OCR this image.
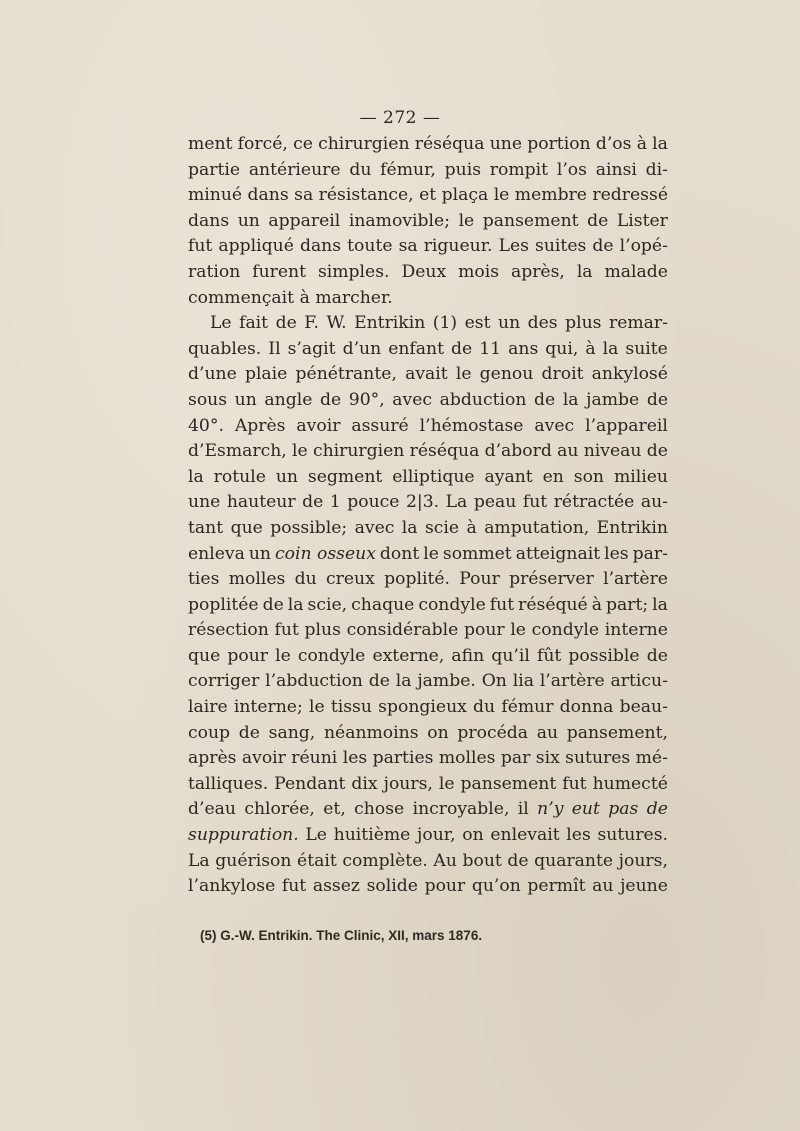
— 272 —
ment forcé, ce chirurgien réséqua une portion d’os à la
partie antérieure du fémur, puis rompit l’os ainsi di-
minué dans sa résistance, et plaça le membre redressé
dans un appareil inamovible; le pansement de Lister
fut appliqué dans toute sa rigueur. Les suites de l’opé-
ration furent simples. Deux mois après, la malade
commençait à marcher.
Le fait de F. W. Entrikin (1) est un des plus remar-
quables. Il s’agit d’un enfant de 11 ans qui, à la suite
d’une plaie pénétrante, avait le genou droit ankylosé
sous un angle de 90°, avec abduction de la jambe de
40°. Après avoir assuré l’hémostase avec l’appareil
d’Esmarch, le chirurgien réséqua d’abord au niveau de
la rotule un segment elliptique ayant en son milieu
une hauteur de 1 pouce 2|3. La peau fut rétractée au-
tant que possible; avec la scie à amputation, Entrikin
enleva un coin osseux dont le sommet atteignait les par-
ties molles du creux poplité. Pour préserver l’artère
poplitée de la scie, chaque condyle fut réséqué à part; la
résection fut plus considérable pour le condyle interne
que pour le condyle externe, afin qu’il fût possible de
corriger l’abduction de la jambe. On lia l’artère articu-
laire interne; le tissu spongieux du fémur donna beau-
coup de sang, néanmoins on procéda au pansement,
après avoir réuni les parties molles par six sutures mé-
talliques. Pendant dix jours, le pansement fut humecté
d’eau chlorée, et, chose incroyable, il n’y eut pas de
suppuration. Le huitième jour, on enlevait les sutures.
La guérison était complète. Au bout de quarante jours,
l’ankylose fut assez solide pour qu’on permît au jeune
(5) G.-W. Entrikin. The Clinic, XII, mars 1876.
